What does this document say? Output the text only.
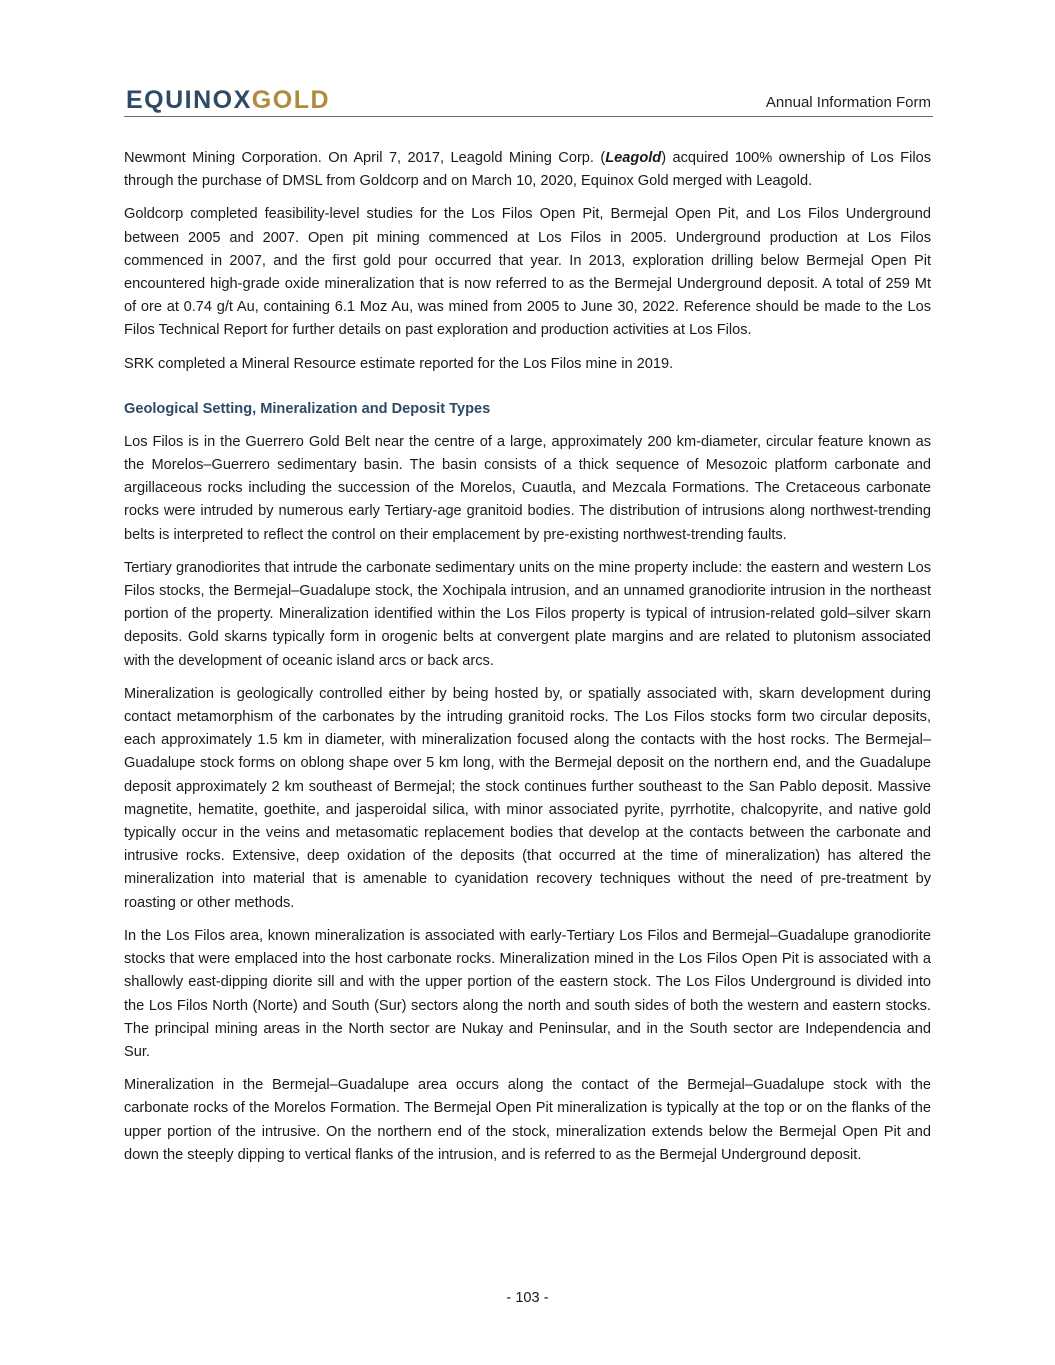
EQUINOXGOLD	Annual Information Form

Newmont Mining Corporation. On April 7, 2017, Leagold Mining Corp. (Leagold) acquired 100% ownership of Los Filos through the purchase of DMSL from Goldcorp and on March 10, 2020, Equinox Gold merged with Leagold.

Goldcorp completed feasibility-level studies for the Los Filos Open Pit, Bermejal Open Pit, and Los Filos Underground between 2005 and 2007. Open pit mining commenced at Los Filos in 2005. Underground production at Los Filos commenced in 2007, and the first gold pour occurred that year. In 2013, exploration drilling below Bermejal Open Pit encountered high-grade oxide mineralization that is now referred to as the Bermejal Underground deposit. A total of 259 Mt of ore at 0.74 g/t Au, containing 6.1 Moz Au, was mined from 2005 to June 30, 2022. Reference should be made to the Los Filos Technical Report for further details on past exploration and production activities at Los Filos.

SRK completed a Mineral Resource estimate reported for the Los Filos mine in 2019.

Geological Setting, Mineralization and Deposit Types

Los Filos is in the Guerrero Gold Belt near the centre of a large, approximately 200 km-diameter, circular feature known as the Morelos–Guerrero sedimentary basin. The basin consists of a thick sequence of Mesozoic platform carbonate and argillaceous rocks including the succession of the Morelos, Cuautla, and Mezcala Formations. The Cretaceous carbonate rocks were intruded by numerous early Tertiary-age granitoid bodies. The distribution of intrusions along northwest-trending belts is interpreted to reflect the control on their emplacement by pre-existing northwest-trending faults.

Tertiary granodiorites that intrude the carbonate sedimentary units on the mine property include: the eastern and western Los Filos stocks, the Bermejal–Guadalupe stock, the Xochipala intrusion, and an unnamed granodiorite intrusion in the northeast portion of the property. Mineralization identified within the Los Filos property is typical of intrusion-related gold–silver skarn deposits. Gold skarns typically form in orogenic belts at convergent plate margins and are related to plutonism associated with the development of oceanic island arcs or back arcs.

Mineralization is geologically controlled either by being hosted by, or spatially associated with, skarn development during contact metamorphism of the carbonates by the intruding granitoid rocks. The Los Filos stocks form two circular deposits, each approximately 1.5 km in diameter, with mineralization focused along the contacts with the host rocks. The Bermejal–Guadalupe stock forms on oblong shape over 5 km long, with the Bermejal deposit on the northern end, and the Guadalupe deposit approximately 2 km southeast of Bermejal; the stock continues further southeast to the San Pablo deposit. Massive magnetite, hematite, goethite, and jasperoidal silica, with minor associated pyrite, pyrrhotite, chalcopyrite, and native gold typically occur in the veins and metasomatic replacement bodies that develop at the contacts between the carbonate and intrusive rocks. Extensive, deep oxidation of the deposits (that occurred at the time of mineralization) has altered the mineralization into material that is amenable to cyanidation recovery techniques without the need of pre-treatment by roasting or other methods.

In the Los Filos area, known mineralization is associated with early-Tertiary Los Filos and Bermejal–Guadalupe granodiorite stocks that were emplaced into the host carbonate rocks. Mineralization mined in the Los Filos Open Pit is associated with a shallowly east-dipping diorite sill and with the upper portion of the eastern stock. The Los Filos Underground is divided into the Los Filos North (Norte) and South (Sur) sectors along the north and south sides of both the western and eastern stocks. The principal mining areas in the North sector are Nukay and Peninsular, and in the South sector are Independencia and Sur.

Mineralization in the Bermejal–Guadalupe area occurs along the contact of the Bermejal–Guadalupe stock with the carbonate rocks of the Morelos Formation. The Bermejal Open Pit mineralization is typically at the top or on the flanks of the upper portion of the intrusive. On the northern end of the stock, mineralization extends below the Bermejal Open Pit and down the steeply dipping to vertical flanks of the intrusion, and is referred to as the Bermejal Underground deposit.

- 103 -
